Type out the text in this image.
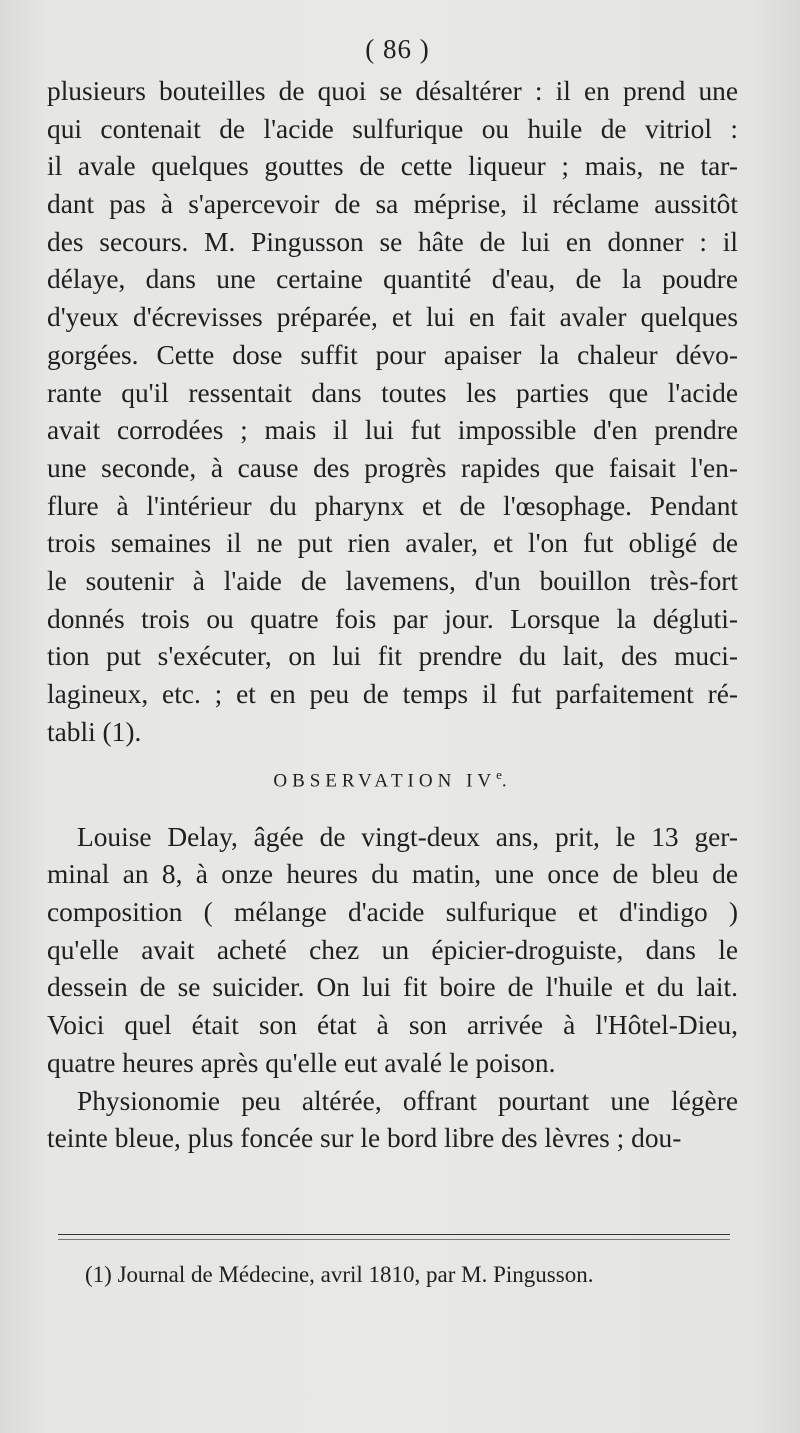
( 86 )
plusieurs bouteilles de quoi se désaltérer : il en prend une
qui contenait de l'acide sulfurique ou huile de vitriol :
il avale quelques gouttes de cette liqueur ; mais, ne tar-
dant pas à s'apercevoir de sa méprise, il réclame aussitôt
des secours. M. Pingusson se hâte de lui en donner : il
délaye, dans une certaine quantité d'eau, de la poudre
d'yeux d'écrevisses préparée, et lui en fait avaler quelques
gorgées. Cette dose suffit pour apaiser la chaleur dévo-
rante qu'il ressentait dans toutes les parties que l'acide
avait corrodées ; mais il lui fut impossible d'en prendre
une seconde, à cause des progrès rapides que faisait l'en-
flure à l'intérieur du pharynx et de l'œsophage. Pendant
trois semaines il ne put rien avaler, et l'on fut obligé de
le soutenir à l'aide de lavemens, d'un bouillon très-fort
donnés trois ou quatre fois par jour. Lorsque la dégluti-
tion put s'exécuter, on lui fit prendre du lait, des muci-
lagineux, etc. ; et en peu de temps il fut parfaitement ré-
tabli (1).
OBSERVATION IVe.
Louise Delay, âgée de vingt-deux ans, prit, le 13 ger-
minal an 8, à onze heures du matin, une once de bleu de
composition ( mélange d'acide sulfurique et d'indigo )
qu'elle avait acheté chez un épicier-droguiste, dans le
dessein de se suicider. On lui fit boire de l'huile et du lait.
Voici quel était son état à son arrivée à l'Hôtel-Dieu,
quatre heures après qu'elle eut avalé le poison.
Physionomie peu altérée, offrant pourtant une légère
teinte bleue, plus foncée sur le bord libre des lèvres ; dou-
(1) Journal de Médecine, avril 1810, par M. Pingusson.
